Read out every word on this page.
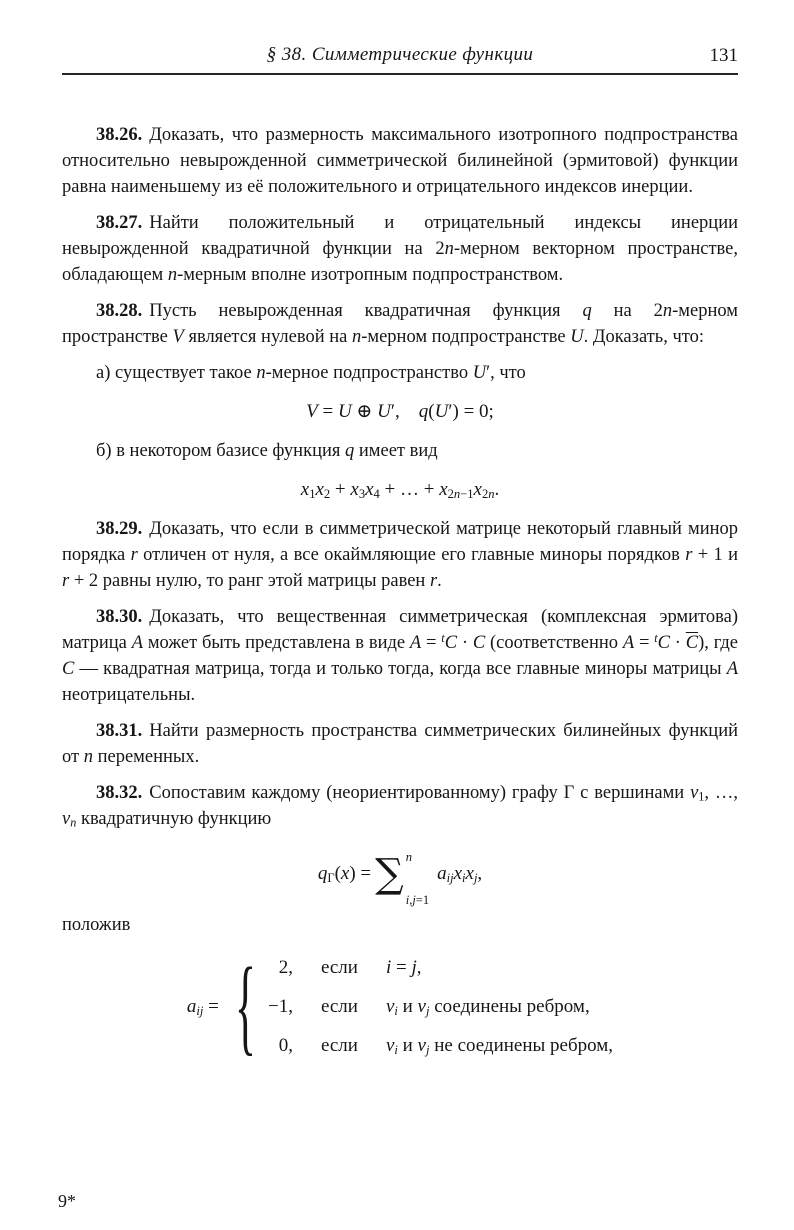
§ 38. Симметрические функции	131

38.26. Доказать, что размерность максимального изотропного подпространства относительно невырожденной симметрической билинейной (эрмитовой) функции равна наименьшему из её положительного и отрицательного индексов инерции.

38.27. Найти положительный и отрицательный индексы инерции невырожденной квадратичной функции на 2n-мерном векторном пространстве, обладающем n-мерным вполне изотропным подпространством.

38.28. Пусть невырожденная квадратичная функция q на 2n-мерном пространстве V является нулевой на n-мерном подпространстве U. Доказать, что:

а) существует такое n-мерное подпространство U′, что

V = U ⊕ U′,  q(U′) = 0;

б) в некотором базисе функция q имеет вид

x1x2 + x3x4 + … + x2n−1x2n.

38.29. Доказать, что если в симметрической матрице некоторый главный минор порядка r отличен от нуля, а все окаймляющие его главные миноры порядков r + 1 и r + 2 равны нулю, то ранг этой матрицы равен r.

38.30. Доказать, что вещественная симметрическая (комплексная эрмитова) матрица A может быть представлена в виде A = $^t$C · C (соответственно $A = ^tC \cdot \overline{C}$), где C — квадратная матрица, тогда и только тогда, когда все главные миноры матрицы A неотрицательны.

38.31. Найти размерность пространства симметрических билинейных функций от n переменных.

38.32. Сопоставим каждому (неориентированному) графу Γ с вершинами v1, …, vn квадратичную функцию

qΓ(x) = ∑ n
i,j=1
aijxixj,

положив

aij = {	2, если i = j,
−1, если vi и vj соединены ребром,
0, если vi и vj не соединены ребром,
9*
